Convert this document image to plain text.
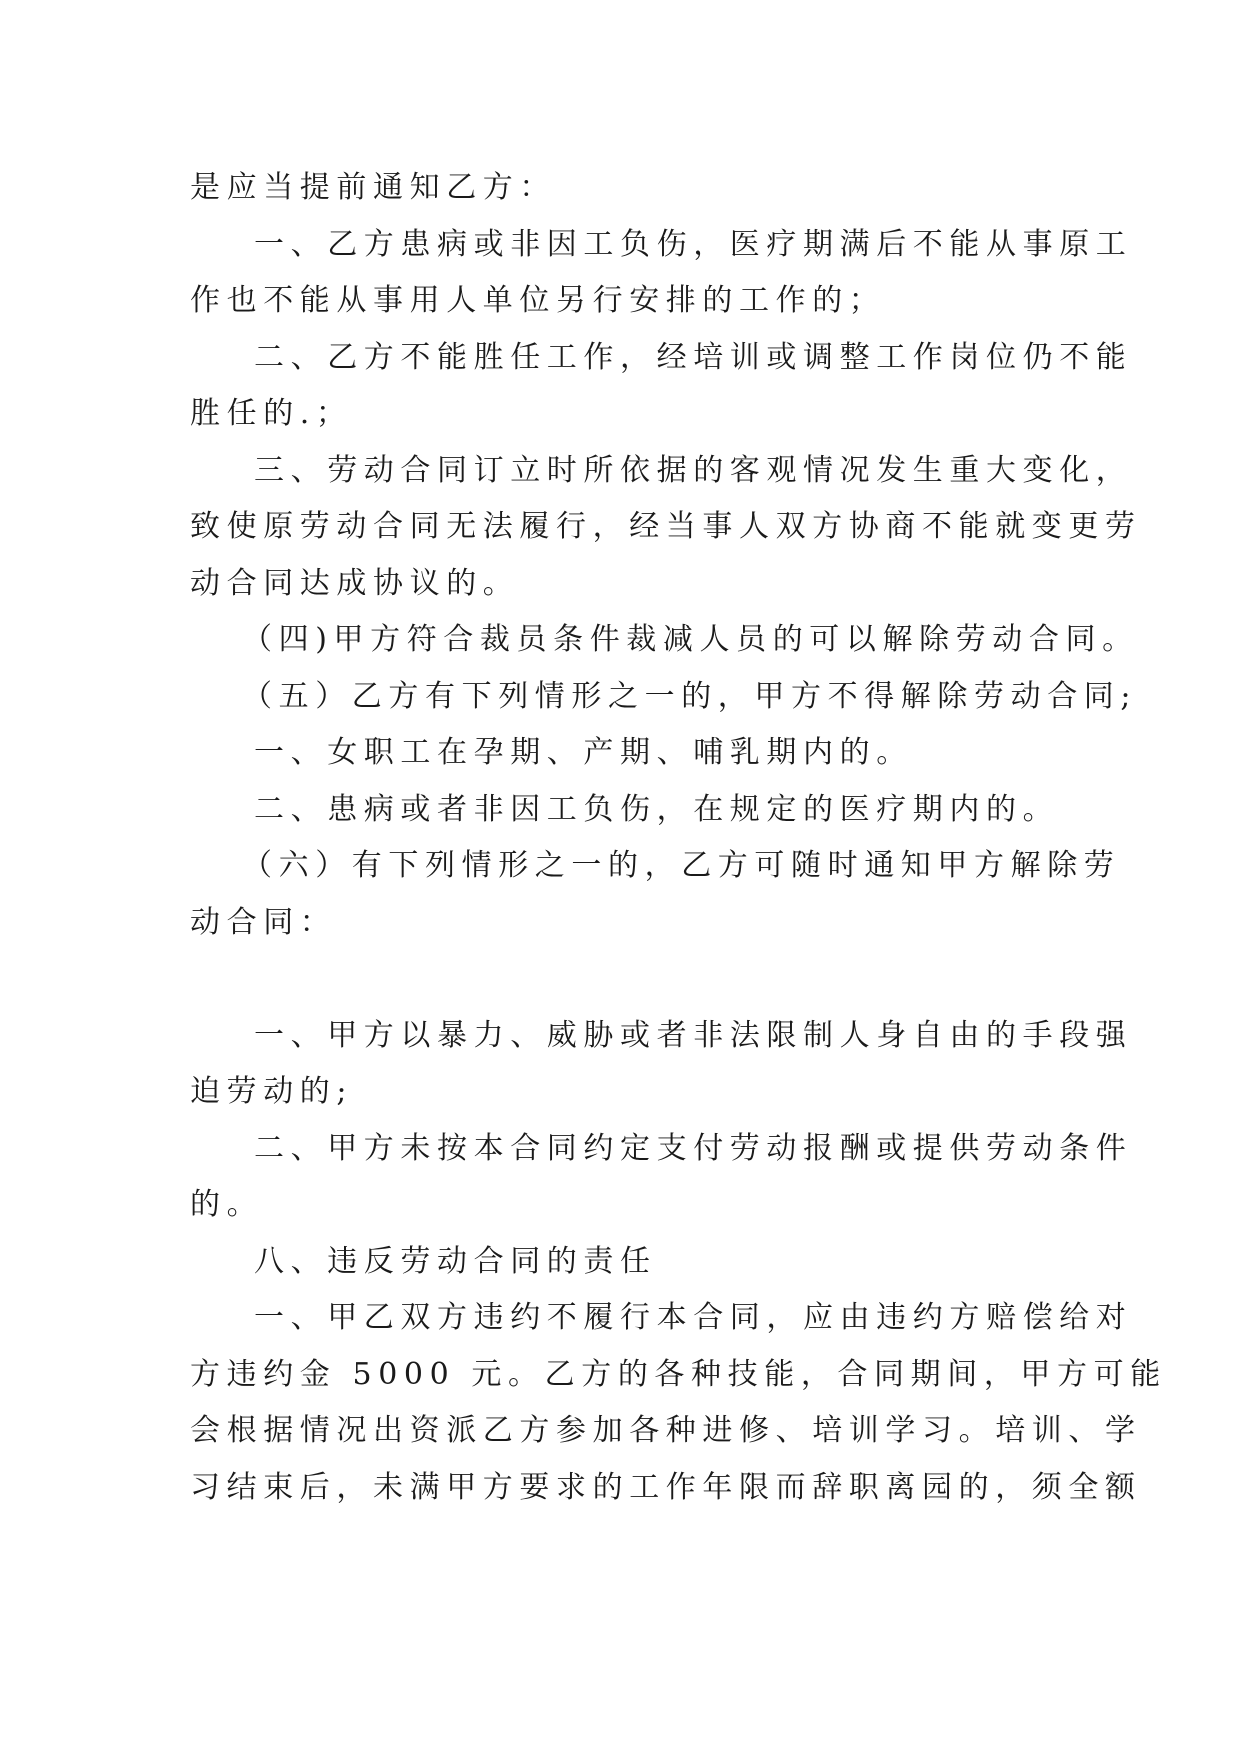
是应当提前通知乙方：
一、乙方患病或非因工负伤，医疗期满后不能从事原工
作也不能从事用人单位另行安排的工作的；
二、乙方不能胜任工作，经培训或调整工作岗位仍不能
胜任的.；
三、劳动合同订立时所依据的客观情况发生重大变化，
致使原劳动合同无法履行，经当事人双方协商不能就变更劳
动合同达成协议的。
（四)甲方符合裁员条件裁减人员的可以解除劳动合同。
（五）乙方有下列情形之一的，甲方不得解除劳动合同;
一、女职工在孕期、产期、哺乳期内的。
二、患病或者非因工负伤，在规定的医疗期内的。
（六）有下列情形之一的，乙方可随时通知甲方解除劳
动合同：
一、甲方以暴力、威胁或者非法限制人身自由的手段强
迫劳动的;
二、甲方未按本合同约定支付劳动报酬或提供劳动条件
的。
八、违反劳动合同的责任
一、甲乙双方违约不履行本合同，应由违约方赔偿给对
方违约金 5000 元。乙方的各种技能，合同期间，甲方可能
会根据情况出资派乙方参加各种进修、培训学习。培训、学
习结束后，未满甲方要求的工作年限而辞职离园的，须全额
